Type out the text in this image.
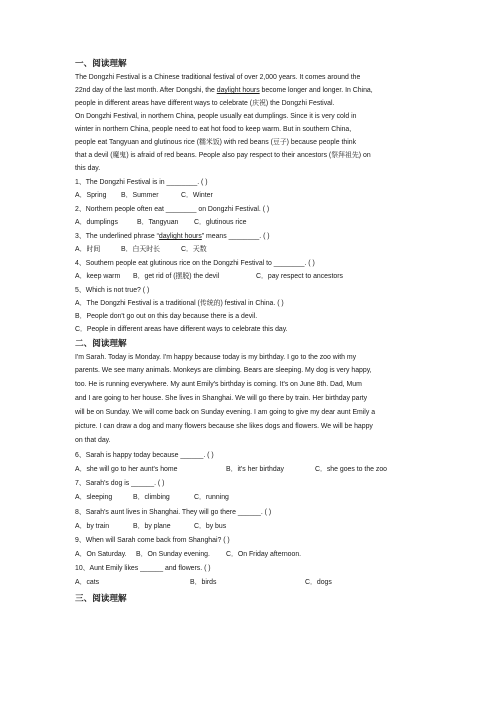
一、阅读理解
The Dongzhi Festival is a Chinese traditional festival of over 2,000 years. It comes around the
22nd day of the last month. After Dongshi, the daylight hours become longer and longer. In China,
people in different areas have different ways to celebrate (庆祝) the Dongzhi Festival.
On Dongzhi Festival, in northern China, people usually eat dumplings. Since it is very cold in
winter in northern China, people need to eat hot food to keep warm. But in southern China,
people eat Tangyuan and glutinous rice (糯米饭) with red beans (豆子) because people think
that a devil (魔鬼) is afraid of red beans. People also pay respect to their ancestors (祭拜祖先) on
this day.
1、The Dongzhi Festival is in ________. ( )
A．Spring B．Summer	C．Winter
2、Northern people often eat ________ on Dongzhi Festival. ( )
A．dumplings	B．Tangyuan C．glutinous rice
3、The underlined phrase “daylight hours” means ________. ( )
A．时间	B．白天时长	C．天数
4、Southern people eat glutinous rice on the Dongzhi Festival to ________. ( )
A．keep warm B．get rid of (摆脱) the devil	C．pay respect to ancestors
5、Which is not true? ( )
A．The Dongzhi Festival is a traditional (传统的) festival in China. ( )
B．People don't go out on this day because there is a devil.
C．People in different areas have different ways to celebrate this day.
二、阅读理解
I'm Sarah. Today is Monday. I'm happy because today is my birthday. I go to the zoo with my
parents. We see many animals. Monkeys are climbing. Bears are sleeping. My dog is very happy,
too. He is running everywhere. My aunt Emily's birthday is coming. It's on June 8th. Dad, Mum
and I are going to her house. She lives in Shanghai. We will go there by train. Her birthday party
will be on Sunday. We will come back on Sunday evening. I am going to give my dear aunt Emily a
picture. I can draw a dog and many flowers because she likes dogs and flowers. We will be happy
on that day.
6、Sarah is happy today because ______. ( )
A．she will go to her aunt's home	B．it's her birthday	C．she goes to the zoo
7、Sarah's dog is ______. ( )
A．sleeping	B．climbing	C．running
8、Sarah's aunt lives in Shanghai. They will go there ______. ( )
A．by train	B．by plane	C．by bus
9、When will Sarah come back from Shanghai? ( )
A．On Saturday. B．On Sunday evening. C．On Friday afternoon.
10、Aunt Emily likes ______ and flowers. ( )
A．cats	B．birds	C．dogs
三、阅读理解
